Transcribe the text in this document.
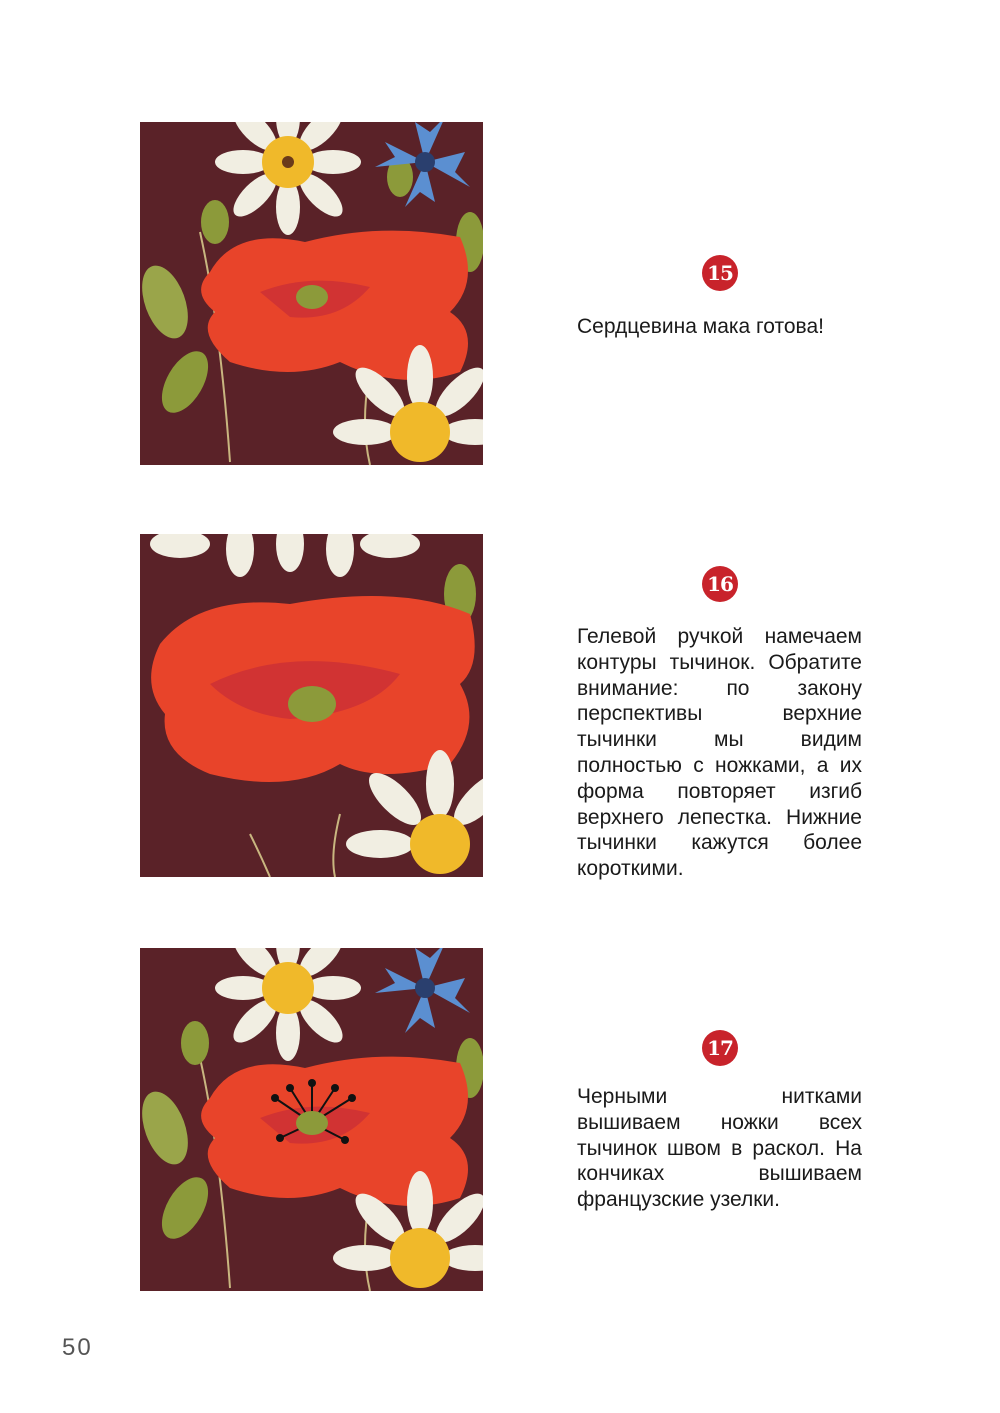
15
Сердцевина мака готова!
16
Гелевой ручкой намечаем контуры тычинок. Обратите внимание: по закону перспективы верхние тычинки мы видим полностью с ножками, а их форма повторяет изгиб верхнего лепестка. Нижние тычинки кажутся более короткими.
17
Черными нитками вышиваем ножки всех тычинок швом в раскол. На кончиках вышиваем французские узелки.
50
